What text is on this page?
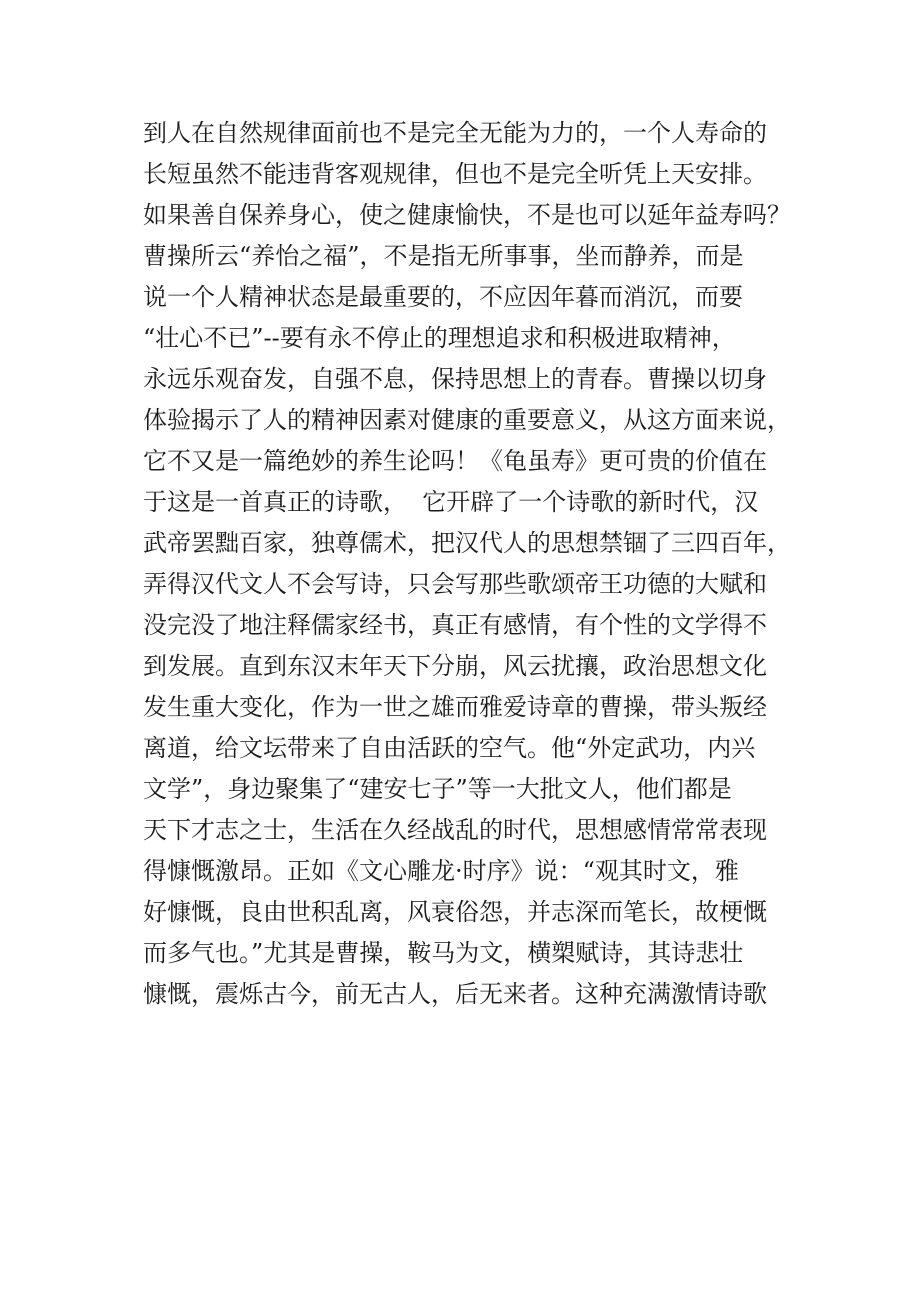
到人在自然规律面前也不是完全无能为力的，一个人寿命的
长短虽然不能违背客观规律，但也不是完全听凭上天安排。
如果善自保养身心，使之健康愉快，不是也可以延年益寿吗？
曹操所云“养怡之福”，不是指无所事事，坐而静养，而是
说一个人精神状态是最重要的，不应因年暮而消沉，而要
“壮心不已”--要有永不停止的理想追求和积极进取精神，
永远乐观奋发，自强不息，保持思想上的青春。曹操以切身
体验揭示了人的精神因素对健康的重要意义，从这方面来说，
它不又是一篇绝妙的养生论吗！《龟虽寿》更可贵的价值在
于这是一首真正的诗歌，  它开辟了一个诗歌的新时代，汉
武帝罢黜百家，独尊儒术，把汉代人的思想禁锢了三四百年，
弄得汉代文人不会写诗，只会写那些歌颂帝王功德的大赋和
没完没了地注释儒家经书，真正有感情，有个性的文学得不
到发展。直到东汉末年天下分崩，风云扰攘，政治思想文化
发生重大变化，作为一世之雄而雅爱诗章的曹操，带头叛经
离道，给文坛带来了自由活跃的空气。他“外定武功，内兴
文学”，身边聚集了“建安七子”等一大批文人，他们都是
天下才志之士，生活在久经战乱的时代，思想感情常常表现
得慷慨激昂。正如《文心雕龙·时序》说：“观其时文，雅
好慷慨，良由世积乱离，风衰俗怨，并志深而笔长，故梗慨
而多气也。”尤其是曹操，鞍马为文，横槊赋诗，其诗悲壮
慷慨，震烁古今，前无古人，后无来者。这种充满激情诗歌
